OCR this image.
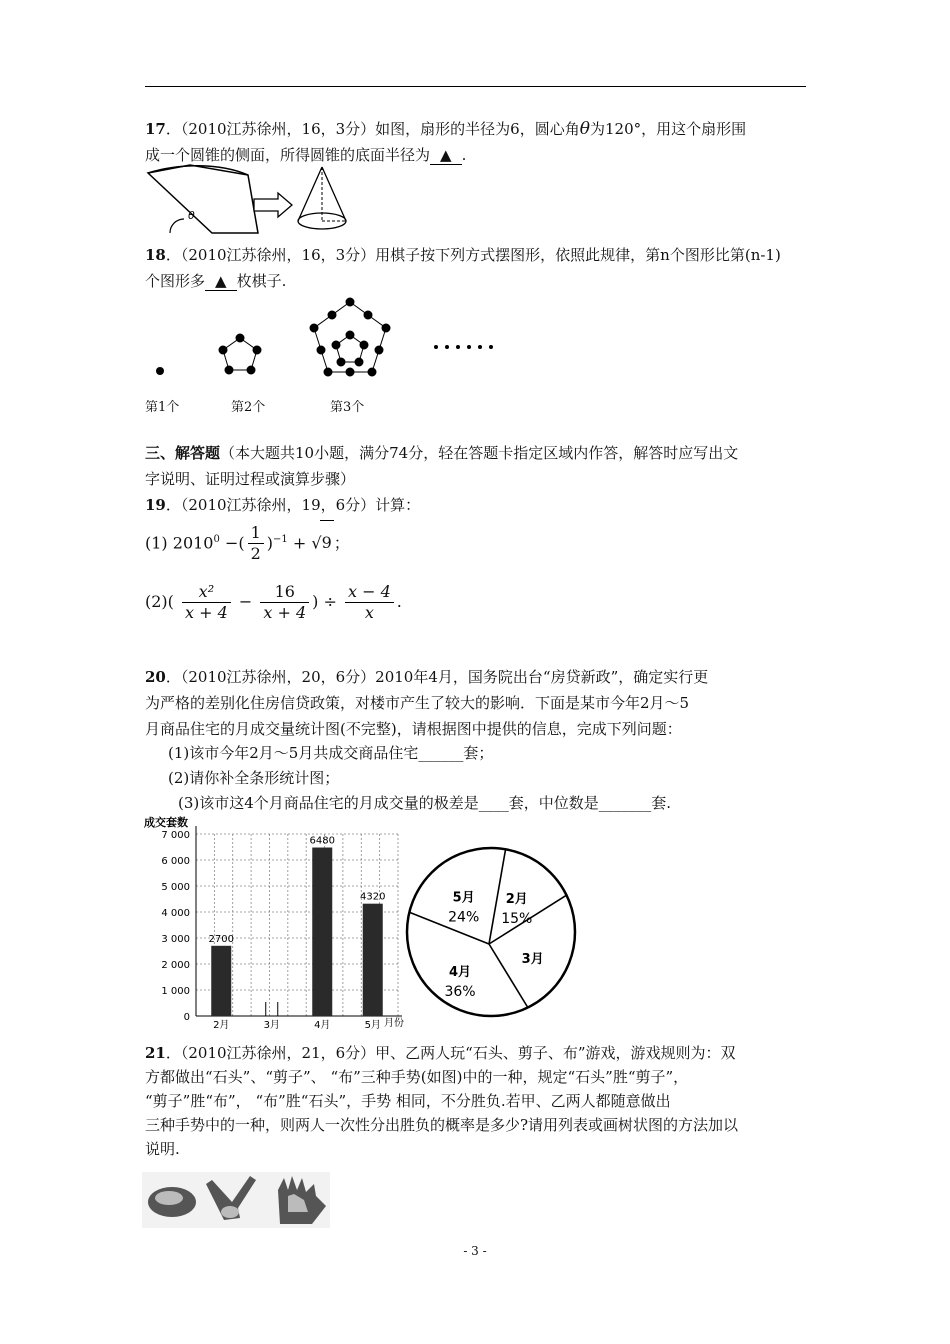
17．（2010江苏徐州，16，3分）如图，扇形的半径为6，圆心角θ为120°，用这个扇形围
成一个圆锥的侧面，所得圆锥的底面半径为 ▲ .
θ
18．（2010江苏徐州，16，3分）用棋子按下列方式摆图形，依照此规律，第n个图形比第(n-1)
个图形多 ▲ 枚棋子.
第1个	第2个	第3个
三、解答题（本大题共10小题，满分74分，轻在答题卡指定区域内作答，解答时应写出文
字说明、证明过程或演算步骤）
19．（2010江苏徐州，19，6分）计算：
(1) $2010^0$ −( $\frac{1}{2} )^{-1} + √9$ ；
$(2)( \frac{\text{x²}}{x + 4} - \frac{16}{x + 4}$ ) ÷ $\frac{x - 4}{x}$ .
20．（2010江苏徐州，20，6分）2010年4月，国务院出台“房贷新政”，确定实行更
为严格的差别化住房信贷政策，对楼市产生了较大的影响．下面是某市今年2月～5
月商品住宅的月成交量统计图(不完整)，请根据图中提供的信息，完成下列问题：
(1)该市今年2月～5月共成交商品住宅______套；
(2)请你补全条形统计图；
(3)该市这4个月商品住宅的月成交量的极差是____套，中位数是_______套.
成交套数
0
1 000
2 000
3 000
4 000
5 000
6 000
7 000
2700
6480
4320
2月	3月	4月	5月 月份
2月
15%
3月
4月
36%
5月
24%
21．（2010江苏徐州，21，6分）甲、乙两人玩“石头、剪子、布”游戏，游戏规则为：双
方都做出“石头”、“剪子”、 “布”三种手势(如图)中的一种，规定“石头”胜“剪子”，
“剪子”胜“布”， “布”胜“石头”，手势 相同，不分胜负.若甲、乙两人都随意做出
三种手势中的一种，则两人一次性分出胜负的概率是多少?请用列表或画树状图的方法加以
说明.
- 3 -
